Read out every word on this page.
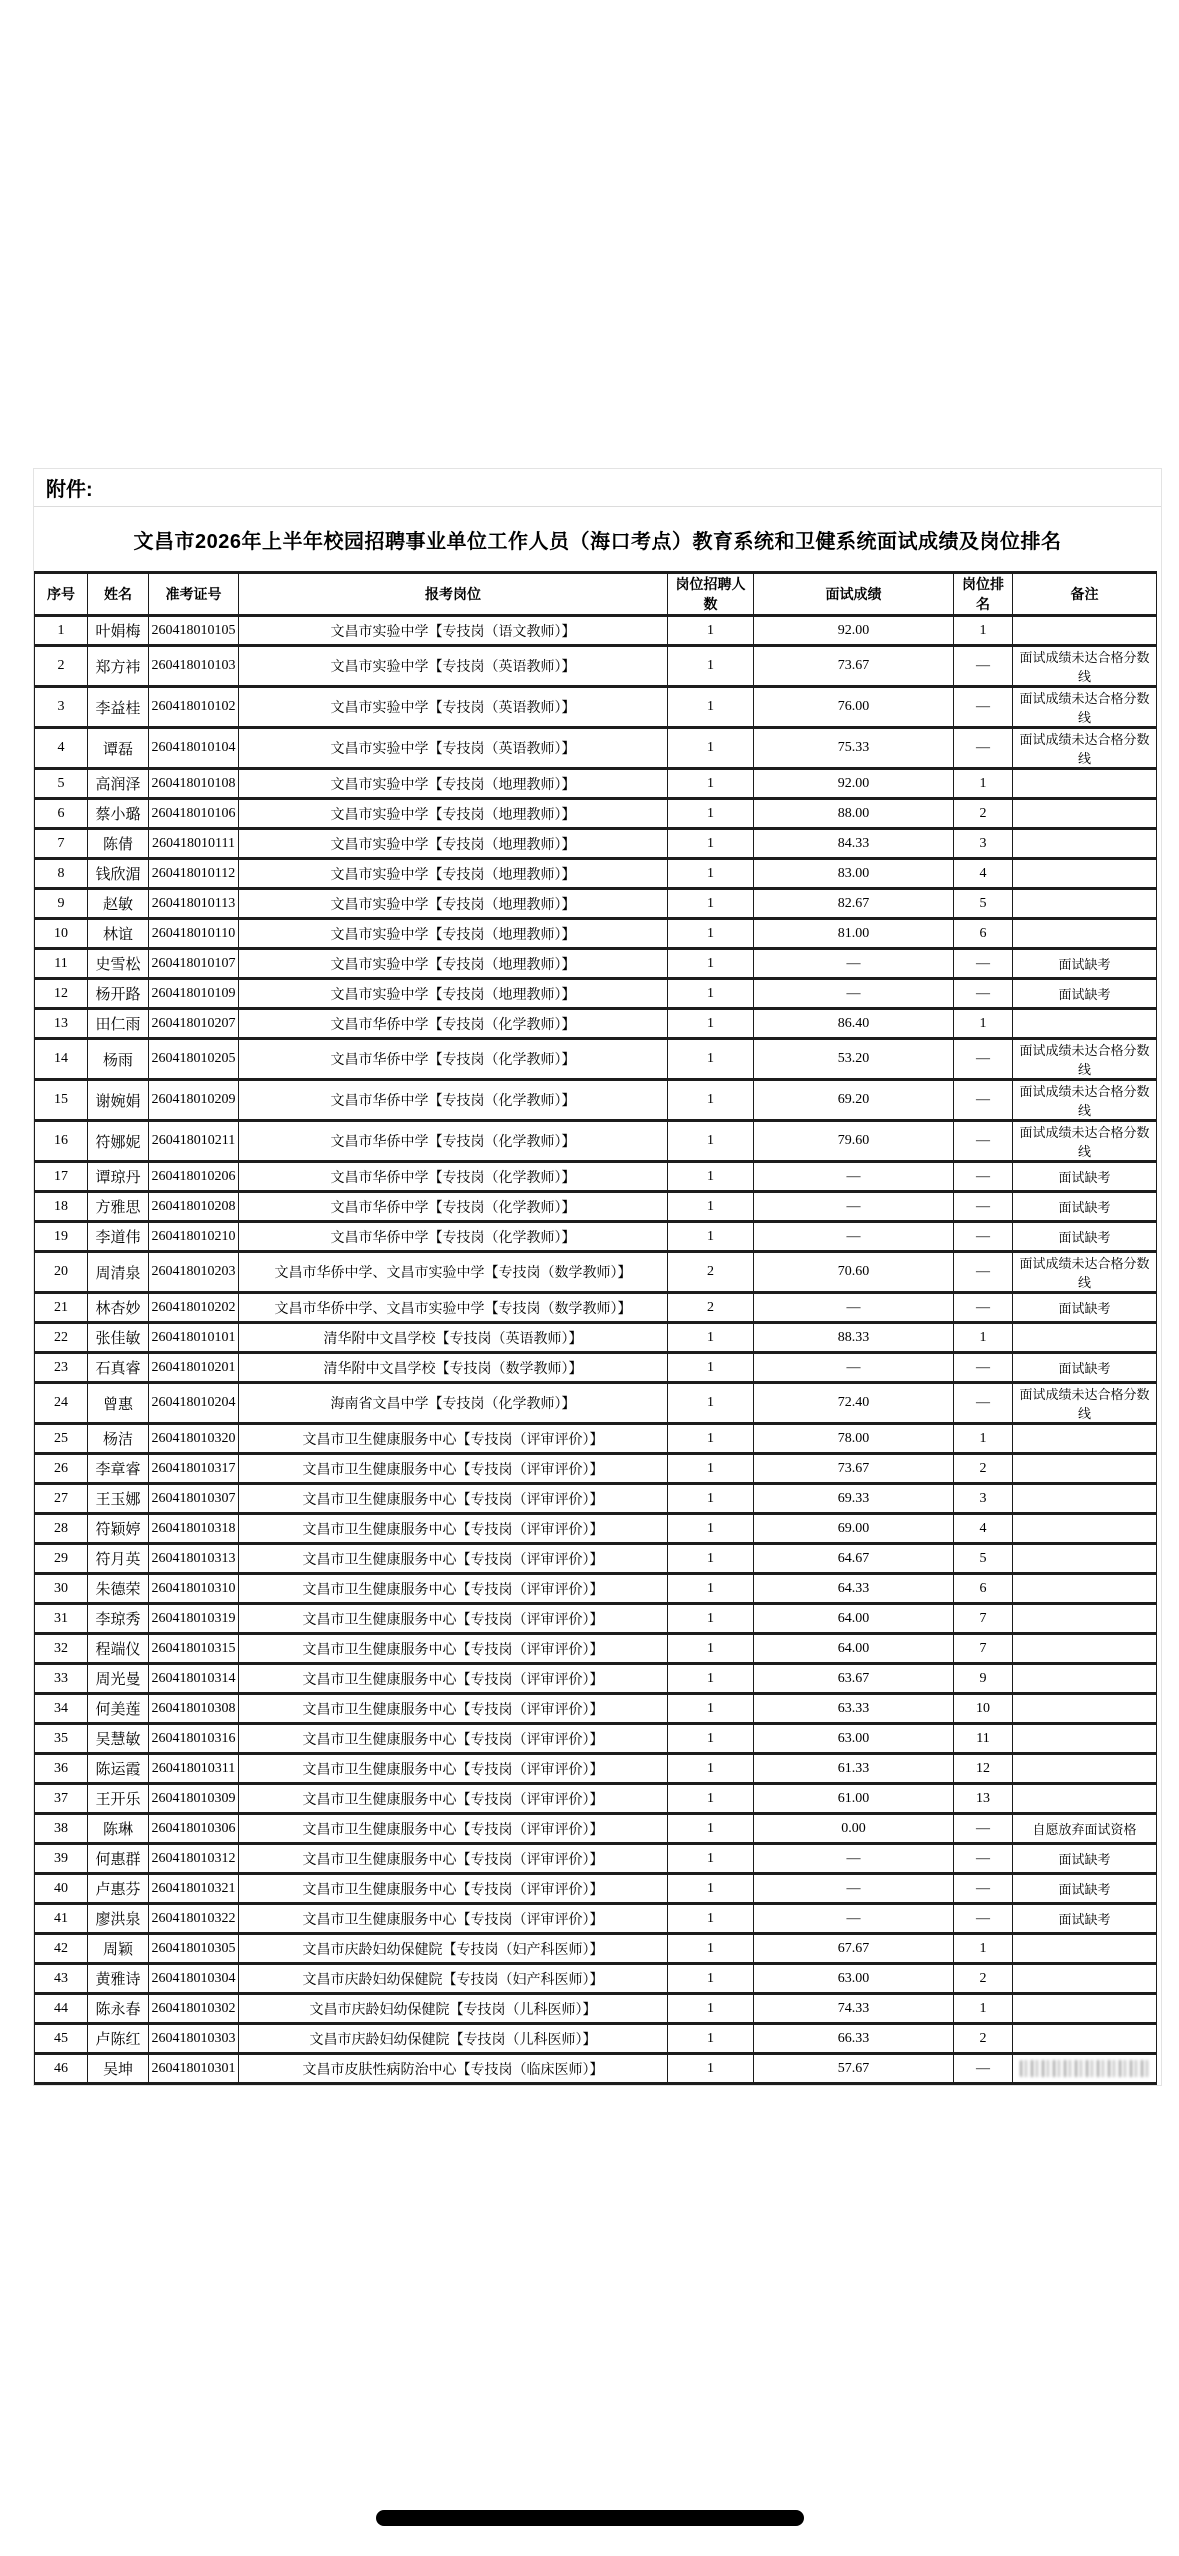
附件:
文昌市2026年上半年校园招聘事业单位工作人员（海口考点）教育系统和卫健系统面试成绩及岗位排名
序号	姓名	准考证号	报考岗位	岗位招聘人数	面试成绩	岗位排名	备注
1	叶娟梅	260418010105	文昌市实验中学【专技岗（语文教师）】	1	92.00	1	
2	郑方袆	260418010103	文昌市实验中学【专技岗（英语教师）】	1	73.67	—	面试成绩未达合格分数线
3	李益桂	260418010102	文昌市实验中学【专技岗（英语教师）】	1	76.00	—	面试成绩未达合格分数线
4	谭磊	260418010104	文昌市实验中学【专技岗（英语教师）】	1	75.33	—	面试成绩未达合格分数线
5	高润泽	260418010108	文昌市实验中学【专技岗（地理教师）】	1	92.00	1	
6	蔡小璐	260418010106	文昌市实验中学【专技岗（地理教师）】	1	88.00	2	
7	陈倩	260418010111	文昌市实验中学【专技岗（地理教师）】	1	84.33	3	
8	钱欣湄	260418010112	文昌市实验中学【专技岗（地理教师）】	1	83.00	4	
9	赵敏	260418010113	文昌市实验中学【专技岗（地理教师）】	1	82.67	5	
10	林谊	260418010110	文昌市实验中学【专技岗（地理教师）】	1	81.00	6	
11	史雪松	260418010107	文昌市实验中学【专技岗（地理教师）】	1	—	—	面试缺考
12	杨开路	260418010109	文昌市实验中学【专技岗（地理教师）】	1	—	—	面试缺考
13	田仁雨	260418010207	文昌市华侨中学【专技岗（化学教师）】	1	86.40	1	
14	杨雨	260418010205	文昌市华侨中学【专技岗（化学教师）】	1	53.20	—	面试成绩未达合格分数线
15	谢婉娟	260418010209	文昌市华侨中学【专技岗（化学教师）】	1	69.20	—	面试成绩未达合格分数线
16	符娜妮	260418010211	文昌市华侨中学【专技岗（化学教师）】	1	79.60	—	面试成绩未达合格分数线
17	谭琼丹	260418010206	文昌市华侨中学【专技岗（化学教师）】	1	—	—	面试缺考
18	方雅思	260418010208	文昌市华侨中学【专技岗（化学教师）】	1	—	—	面试缺考
19	李道伟	260418010210	文昌市华侨中学【专技岗（化学教师）】	1	—	—	面试缺考
20	周清泉	260418010203	文昌市华侨中学、文昌市实验中学【专技岗（数学教师）】	2	70.60	—	面试成绩未达合格分数线
21	林杏妙	260418010202	文昌市华侨中学、文昌市实验中学【专技岗（数学教师）】	2	—	—	面试缺考
22	张佳敏	260418010101	清华附中文昌学校【专技岗（英语教师）】	1	88.33	1	
23	石真睿	260418010201	清华附中文昌学校【专技岗（数学教师）】	1	—	—	面试缺考
24	曾惠	260418010204	海南省文昌中学【专技岗（化学教师）】	1	72.40	—	面试成绩未达合格分数线
25	杨洁	260418010320	文昌市卫生健康服务中心【专技岗（评审评价）】	1	78.00	1	
26	李章睿	260418010317	文昌市卫生健康服务中心【专技岗（评审评价）】	1	73.67	2	
27	王玉娜	260418010307	文昌市卫生健康服务中心【专技岗（评审评价）】	1	69.33	3	
28	符颖婷	260418010318	文昌市卫生健康服务中心【专技岗（评审评价）】	1	69.00	4	
29	符月英	260418010313	文昌市卫生健康服务中心【专技岗（评审评价）】	1	64.67	5	
30	朱德荣	260418010310	文昌市卫生健康服务中心【专技岗（评审评价）】	1	64.33	6	
31	李琼秀	260418010319	文昌市卫生健康服务中心【专技岗（评审评价）】	1	64.00	7	
32	程端仪	260418010315	文昌市卫生健康服务中心【专技岗（评审评价）】	1	64.00	7	
33	周光曼	260418010314	文昌市卫生健康服务中心【专技岗（评审评价）】	1	63.67	9	
34	何美莲	260418010308	文昌市卫生健康服务中心【专技岗（评审评价）】	1	63.33	10	
35	吴慧敏	260418010316	文昌市卫生健康服务中心【专技岗（评审评价）】	1	63.00	11	
36	陈运霞	260418010311	文昌市卫生健康服务中心【专技岗（评审评价）】	1	61.33	12	
37	王开乐	260418010309	文昌市卫生健康服务中心【专技岗（评审评价）】	1	61.00	13	
38	陈琳	260418010306	文昌市卫生健康服务中心【专技岗（评审评价）】	1	0.00	—	自愿放弃面试资格
39	何惠群	260418010312	文昌市卫生健康服务中心【专技岗（评审评价）】	1	—	—	面试缺考
40	卢惠芬	260418010321	文昌市卫生健康服务中心【专技岗（评审评价）】	1	—	—	面试缺考
41	廖洪泉	260418010322	文昌市卫生健康服务中心【专技岗（评审评价）】	1	—	—	面试缺考
42	周颖	260418010305	文昌市庆龄妇幼保健院【专技岗（妇产科医师）】	1	67.67	1	
43	黄雅诗	260418010304	文昌市庆龄妇幼保健院【专技岗（妇产科医师）】	1	63.00	2	
44	陈永春	260418010302	文昌市庆龄妇幼保健院【专技岗（儿科医师）】	1	74.33	1	
45	卢陈红	260418010303	文昌市庆龄妇幼保健院【专技岗（儿科医师）】	1	66.33	2	
46	吴坤	260418010301	文昌市皮肤性病防治中心【专技岗（临床医师）】	1	57.67	—	
